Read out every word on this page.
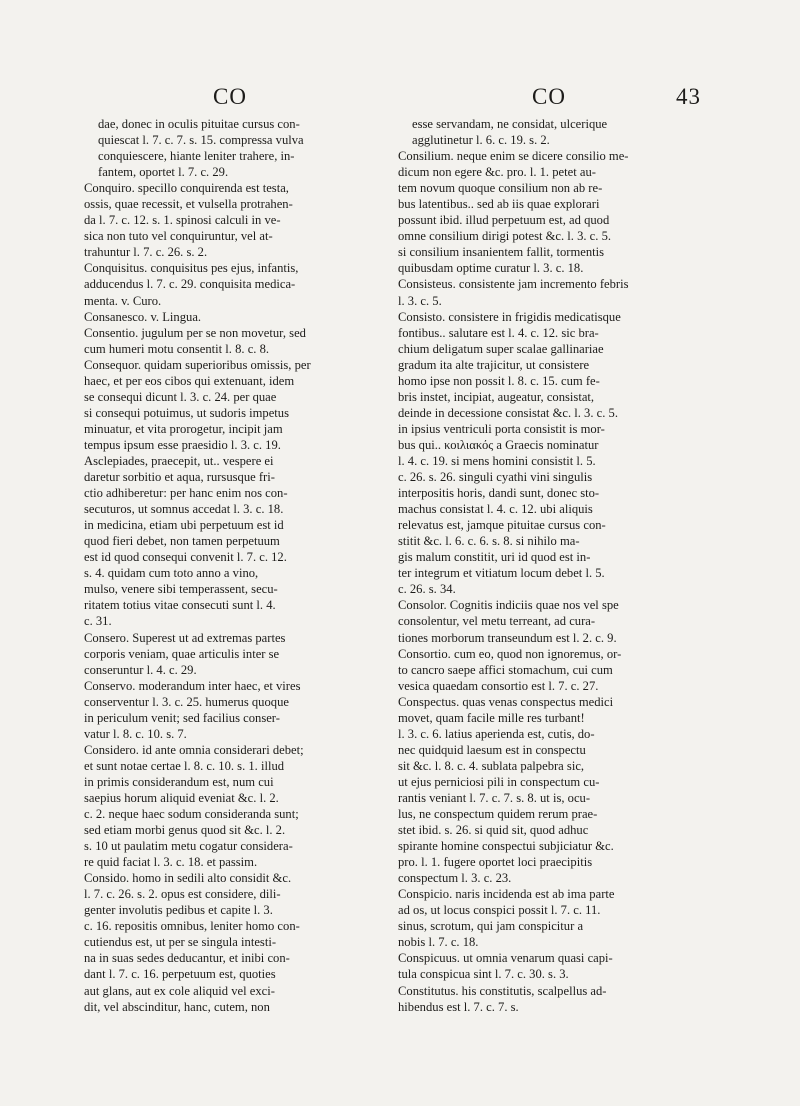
CO	CO	43
dae, donec in oculis pituitae cursus con-
quiescat l. 7. c. 7. s. 15. compressa vulva
conquiescere, hiante leniter trahere, in-
fantem, oportet l. 7. c. 29.
Conquiro. specillo conquirenda est testa,
ossis, quae recessit, et vulsella protrahen-
da l. 7. c. 12. s. 1. spinosi calculi in ve-
sica non tuto vel conquiruntur, vel at-
trahuntur l. 7. c. 26. s. 2.
Conquisitus. conquisitus pes ejus, infantis,
adducendus l. 7. c. 29. conquisita medica-
menta. v. Curo.
Consanesco. v. Lingua.
Consentio. jugulum per se non movetur, sed
cum humeri motu consentit l. 8. c. 8.
Consequor. quidam superioribus omissis, per
haec, et per eos cibos qui extenuant, idem
se consequi dicunt l. 3. c. 24. per quae
si consequi potuimus, ut sudoris impetus
minuatur, et vita prorogetur, incipit jam
tempus ipsum esse praesidio l. 3. c. 19.
Asclepiades, praecepit, ut.. vespere ei
daretur sorbitio et aqua, rursusque fri-
ctio adhiberetur: per hanc enim nos con-
secuturos, ut somnus accedat l. 3. c. 18.
in medicina, etiam ubi perpetuum est id
quod fieri debet, non tamen perpetuum
est id quod consequi convenit l. 7. c. 12.
s. 4. quidam cum toto anno a vino,
mulso, venere sibi temperassent, secu-
ritatem totius vitae consecuti sunt l. 4.
c. 31.
Consero. Superest ut ad extremas partes
corporis veniam, quae articulis inter se
conseruntur l. 4. c. 29.
Conservo. moderandum inter haec, et vires
conserventur l. 3. c. 25. humerus quoque
in periculum venit; sed facilius conser-
vatur l. 8. c. 10. s. 7.
Considero. id ante omnia considerari debet;
et sunt notae certae l. 8. c. 10. s. 1. illud
in primis considerandum est, num cui
saepius horum aliquid eveniat &c. l. 2.
c. 2. neque haec sodum consideranda sunt;
sed etiam morbi genus quod sit &c. l. 2.
s. 10 ut paulatim metu cogatur considera-
re quid faciat l. 3. c. 18. et passim.
Consido. homo in sedili alto considit &c.
l. 7. c. 26. s. 2. opus est considere, dili-
genter involutis pedibus et capite l. 3.
c. 16. repositis omnibus, leniter homo con-
cutiendus est, ut per se singula intesti-
na in suas sedes deducantur, et inibi con-
dant l. 7. c. 16. perpetuum est, quoties
aut glans, aut ex cole aliquid vel exci-
dit, vel abscinditur, hanc, cutem, non
esse servandam, ne considat, ulcerique
agglutinetur l. 6. c. 19. s. 2.
Consilium. neque enim se dicere consilio me-
dicum non egere &c. pro. l. 1. petet au-
tem novum quoque consilium non ab re-
bus latentibus.. sed ab iis quae explorari
possunt ibid. illud perpetuum est, ad quod
omne consilium dirigi potest &c. l. 3. c. 5.
si consilium insanientem fallit, tormentis
quibusdam optime curatur l. 3. c. 18.
Consisteus. consistente jam incremento febris
l. 3. c. 5.
Consisto. consistere in frigidis medicatisque
fontibus.. salutare est l. 4. c. 12. sic bra-
chium deligatum super scalae gallinariae
gradum ita alte trajicitur, ut consistere
homo ipse non possit l. 8. c. 15. cum fe-
bris instet, incipiat, augeatur, consistat,
deinde in decessione consistat &c. l. 3. c. 5.
in ipsius ventriculi porta consistit is mor-
bus qui.. κοιλιακός a Graecis nominatur
l. 4. c. 19. si mens homini consistit l. 5.
c. 26. s. 26. singuli cyathi vini singulis
interpositis horis, dandi sunt, donec sto-
machus consistat l. 4. c. 12. ubi aliquis
relevatus est, jamque pituitae cursus con-
stitit &c. l. 6. c. 6. s. 8. si nihilo ma-
gis malum constitit, uri id quod est in-
ter integrum et vitiatum locum debet l. 5.
c. 26. s. 34.
Consolor. Cognitis indiciis quae nos vel spe
consolentur, vel metu terreant, ad cura-
tiones morborum transeundum est l. 2. c. 9.
Consortio. cum eo, quod non ignoremus, or-
to cancro saepe affici stomachum, cui cum
vesica quaedam consortio est l. 7. c. 27.
Conspectus. quas venas conspectus medici
movet, quam facile mille res turbant!
l. 3. c. 6. latius aperienda est, cutis, do-
nec quidquid laesum est in conspectu
sit &c. l. 8. c. 4. sublata palpebra sic,
ut ejus perniciosi pili in conspectum cu-
rantis veniant l. 7. c. 7. s. 8. ut is, ocu-
lus, ne conspectum quidem rerum prae-
stet ibid. s. 26. si quid sit, quod adhuc
spirante homine conspectui subjiciatur &c.
pro. l. 1. fugere oportet loci praecipitis
conspectum l. 3. c. 23.
Conspicio. naris incidenda est ab ima parte
ad os, ut locus conspici possit l. 7. c. 11.
sinus, scrotum, qui jam conspicitur a
nobis l. 7. c. 18.
Conspicuus. ut omnia venarum quasi capi-
tula conspicua sint l. 7. c. 30. s. 3.
Constitutus. his constitutis, scalpellus ad-
hibendus est l. 7. c. 7. s.
